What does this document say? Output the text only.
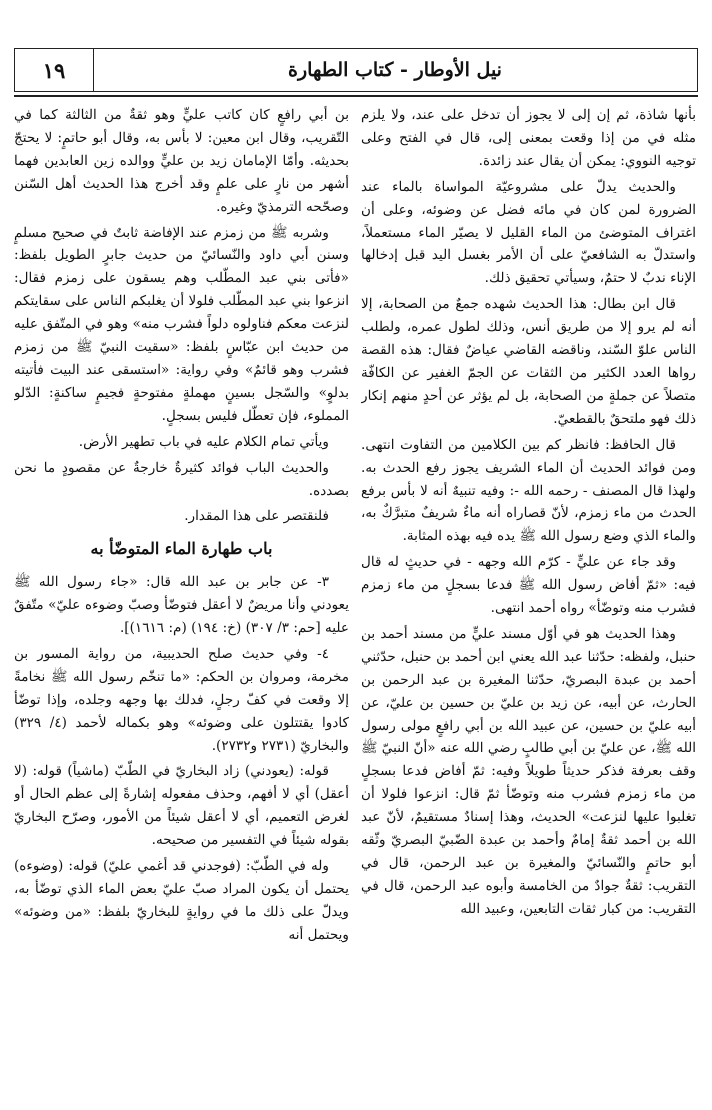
نيل الأوطار - كتاب الطهارة
١٩

بأنها شاذة، ثم إن إلى لا يجوز أن تدخل على عند، ولا يلزم مثله في من إذا وقعت بمعنى إلى، قال في الفتح وعلى توجيه النووي: يمكن أن يقال عند زائدة.

والحديث يدلّ على مشروعيّة المواساة بالماء عند الضرورة لمن كان في مائه فضل عن وضوئه، وعلى أن اغتراف المتوضئ من الماء القليل لا يصيّر الماء مستعملاً، واستدلّ به الشافعيّ على أن الأمر بغسل اليد قبل إدخالها الإناء ندبٌ لا حتمٌ، وسيأتي تحقيق ذلك.

قال ابن بطال: هذا الحديث شهده جمعٌ من الصحابة، إلا أنه لم يرو إلا من طريق أنس، وذلك لطول عمره، ولطلب الناس علوّ السّند، وناقضه القاضي عياضٌ فقال: هذه القصة رواها العدد الكثير من الثقات عن الجمّ الغفير عن الكافّة متصلاً عن جملةٍ من الصحابة، بل لم يؤثر عن أحدٍ منهم إنكار ذلك فهو ملتحقٌ بالقطعيّ.

قال الحافظ: فانظر كم بين الكلامين من التفاوت انتهى. ومن فوائد الحديث أن الماء الشريف يجوز رفع الحدث به. ولهذا قال المصنف - رحمه الله -: وفيه تنبيهٌ أنه لا بأس برفع الحدث من ماء زمزم، لأنّ قصاراه أنه ماءٌ شريفٌ متبرَّكٌ به، والماء الذي وضع رسول الله ﷺ يده فيه بهذه المثابة.

وقد جاء عن عليٍّ - كرّم الله وجهه - في حديثٍ له قال فيه: «ثمّ أفاض رسول الله ﷺ فدعا بسجلٍ من ماء زمزم فشرب منه وتوضّأ» رواه أحمد انتهى.

وهذا الحديث هو في أوّل مسند عليٍّ من مسند أحمد بن حنبل، ولفظه: حدّثنا عبد الله يعني ابن أحمد بن حنبل، حدّثني أحمد بن عبدة البصريّ، حدّثنا المغيرة بن عبد الرحمن بن الحارث، عن أبيه، عن زيد بن عليّ بن حسين بن عليّ، عن أبيه عليّ بن حسين، عن عبيد الله بن أبي رافعٍ مولى رسول الله ﷺ، عن عليّ بن أبي طالبٍ رضي الله عنه «أنّ النبيّ ﷺ وقف بعرفة فذكر حديثاً طويلاً وفيه: ثمّ أفاض فدعا بسجلٍ من ماء زمزم فشرب منه وتوضّأ ثمّ قال: انزعوا فلولا أن تغلبوا عليها لنزعت» الحديث، وهذا إسنادٌ مستقيمٌ، لأنّ عبد الله بن أحمد ثقةٌ إمامٌ وأحمد بن عبدة الضّبيّ البصريّ وثّقه أبو حاتمٍ والنّسائيّ والمغيرة بن عبد الرحمن، قال في التقريب: ثقةٌ جوادٌ من الخامسة وأبوه عبد الرحمن، قال في التقريب: من كبار ثقات التابعين، وعبيد الله

بن أبي رافعٍ كان كاتب عليٍّ وهو ثقةٌ من الثالثة كما في التّقريب، وقال ابن معين: لا بأس به، وقال أبو حاتمٍ: لا يحتجّ بحديثه. وأمّا الإمامان زيد بن عليٍّ ووالده زين العابدين فهما أشهر من نارٍ على علمٍ وقد أخرج هذا الحديث أهل السّنن وصحّحه الترمذيّ وغيره.

وشربه ﷺ من زمزم عند الإفاضة ثابتٌ في صحيح مسلمٍ وسنن أبي داود والنّسائيّ من حديث جابرٍ الطويل بلفظ: «فأتى بني عبد المطّلب وهم يسقون على زمزم فقال: انزعوا بني عبد المطّلب فلولا أن يغلبكم الناس على سقايتكم لنزعت معكم فناولوه دلواً فشرب منه» وهو في المتّفق عليه من حديث ابن عبّاسٍ بلفظ: «سقيت النبيّ ﷺ من زمزم فشرب وهو قائمٌ» وفي رواية: «استسقى عند البيت فأتيته بدلوٍ» والسّجل بسينٍ مهملةٍ مفتوحةٍ فجيمٍ ساكنةٍ: الدّلو المملوء، فإن تعطّل فليس بسجلٍ.

ويأتي تمام الكلام عليه في باب تطهير الأرض.

والحديث الباب فوائد كثيرةٌ خارجةٌ عن مقصودٍ ما نحن بصدده.

فلنقتصر على هذا المقدار.

باب طهارة الماء المتوضّأ به

٣- عن جابر بن عبد الله قال: «جاء رسول الله ﷺ يعودني وأنا مريضٌ لا أعقل فتوضّأ وصبّ وضوءه عليّ» متّفقٌ عليه [حم: ٣/ ٣٠٧) (خ: ١٩٤) (م: ١٦١٦)].

٤- وفي حديث صلح الحديبية، من رواية المسور بن مخرمة، ومروان بن الحكم: «ما تنخّم رسول الله ﷺ نخامةً إلا وقعت في كفّ رجلٍ، فدلك بها وجهه وجلده، وإذا توضّأ كادوا يقتتلون على وضوئه» وهو بكماله لأحمد (٤/ ٣٢٩) والبخاريّ (٢٧٣١ و٢٧٣٢).

قوله: (يعودني) زاد البخاريّ في الطّبّ (ماشياً) قوله: (لا أعقل) أي لا أفهم، وحذف مفعوله إشارةً إلى عظم الحال أو لغرض التعميم، أي لا أعقل شيئاً من الأمور، وصرّح البخاريّ بقوله شيئاً في التفسير من صحيحه.

وله في الطّبّ: (فوجدني قد أغمي عليّ) قوله: (وضوءه) يحتمل أن يكون المراد صبّ عليّ بعض الماء الذي توضّأ به، ويدلّ على ذلك ما في روايةٍ للبخاريّ بلفظ: «من وضوئه» ويحتمل أنه
